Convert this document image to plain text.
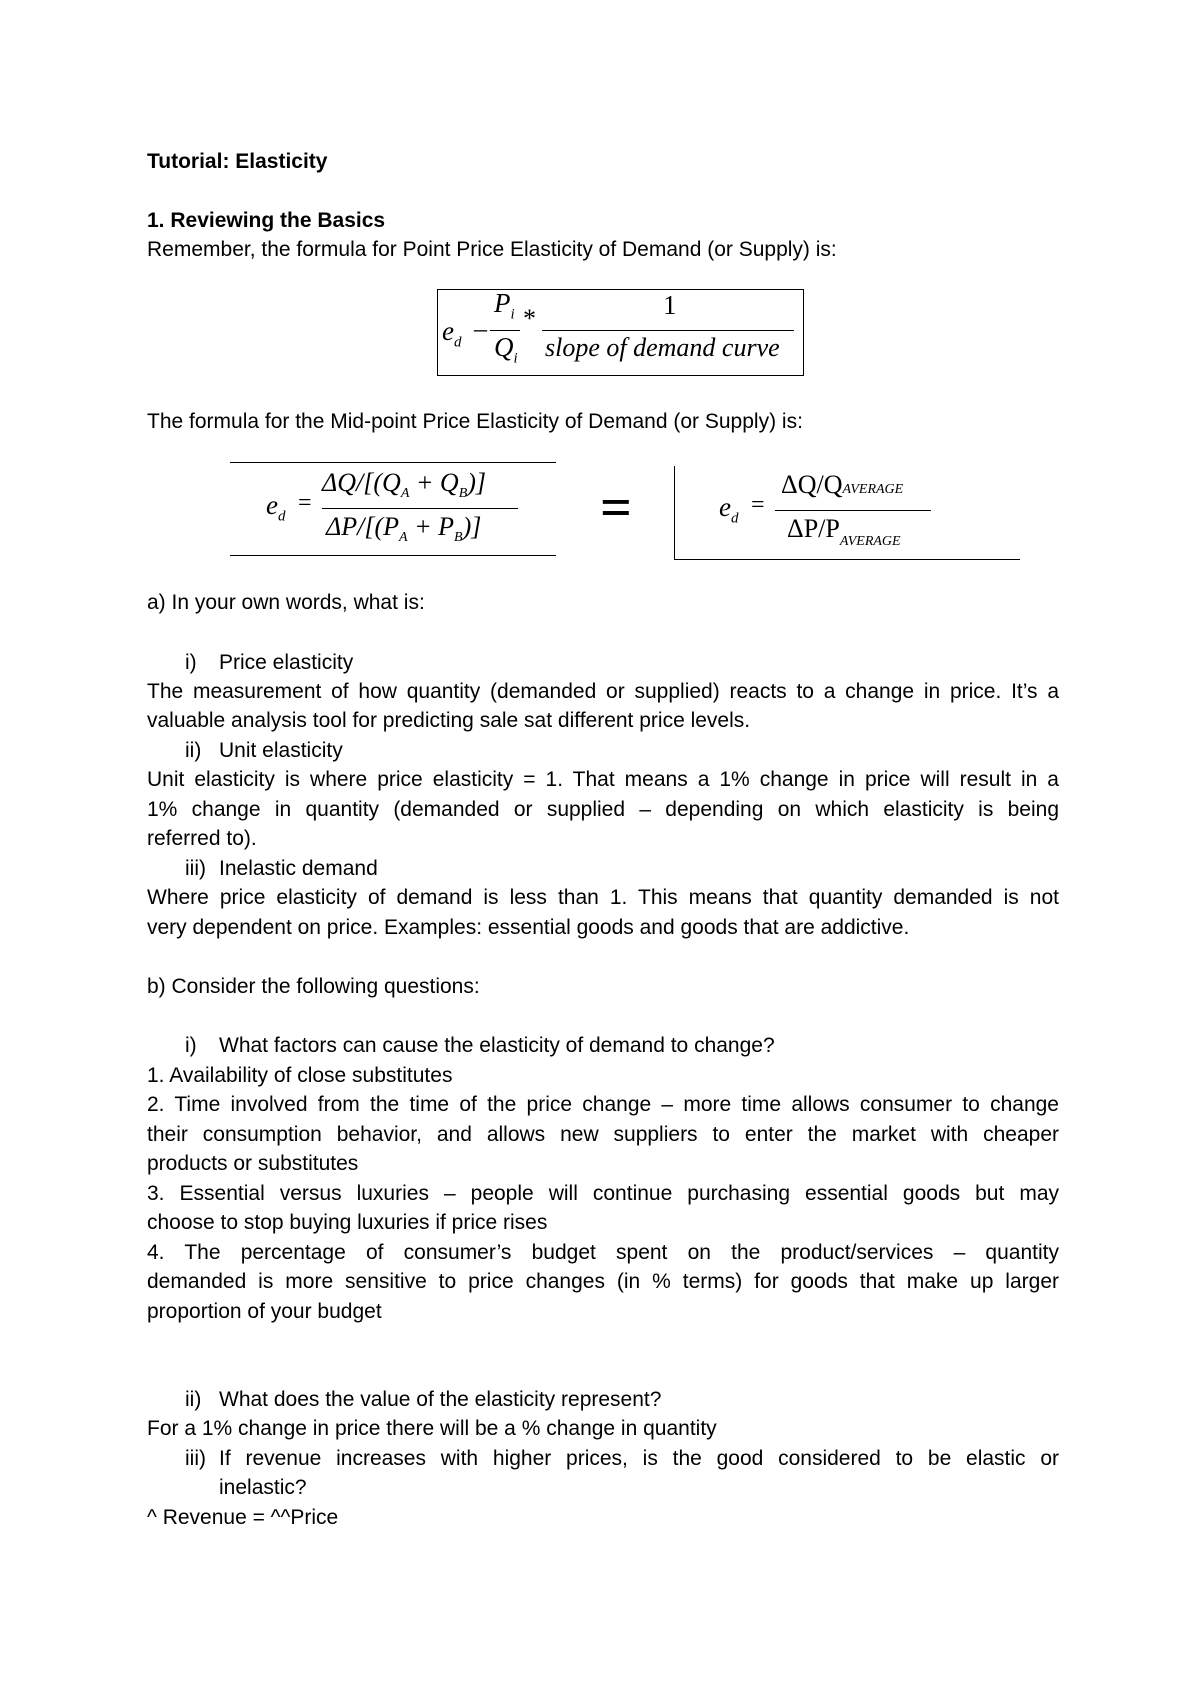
Tutorial: Elasticity
1. Reviewing the Basics
Remember, the formula for Point Price Elasticity of Demand (or Supply) is:
$e_d$ –
$P_i$
$Q_i$
*	1
slope of demand curve
The formula for the Mid-point Price Elasticity of Demand (or Supply) is:
$e_d$
=
$\Delta Q/[(Q_A + Q_B)]$
$\Delta P/[(P_A + P_B)]$ =	$e_d$
=
ΔQ/QAVERAGE
$\Delta P/P_{AVERAGE}$
a) In your own words, what is:
i) Price elasticity
The measurement of how quantity (demanded or supplied) reacts to a change in price. It’s a
valuable analysis tool for predicting sale sat different price levels.
ii) Unit elasticity
Unit elasticity is where price elasticity = 1. That means a 1% change in price will result in a
1% change in quantity (demanded or supplied – depending on which elasticity is being
referred to).
iii) Inelastic demand
Where price elasticity of demand is less than 1. This means that quantity demanded is not
very dependent on price. Examples: essential goods and goods that are addictive.
b) Consider the following questions:
i) What factors can cause the elasticity of demand to change?
1. Availability of close substitutes
2. Time involved from the time of the price change – more time allows consumer to change
their consumption behavior, and allows new suppliers to enter the market with cheaper
products or substitutes
3. Essential versus luxuries – people will continue purchasing essential goods but may
choose to stop buying luxuries if price rises
4. The percentage of consumer’s budget spent on the product/services – quantity
demanded is more sensitive to price changes (in % terms) for goods that make up larger
proportion of your budget
ii) What does the value of the elasticity represent?
For a 1% change in price there will be a % change in quantity
iii) If revenue increases with higher prices, is the good considered to be elastic or
inelastic?
^ Revenue = ^^Price
